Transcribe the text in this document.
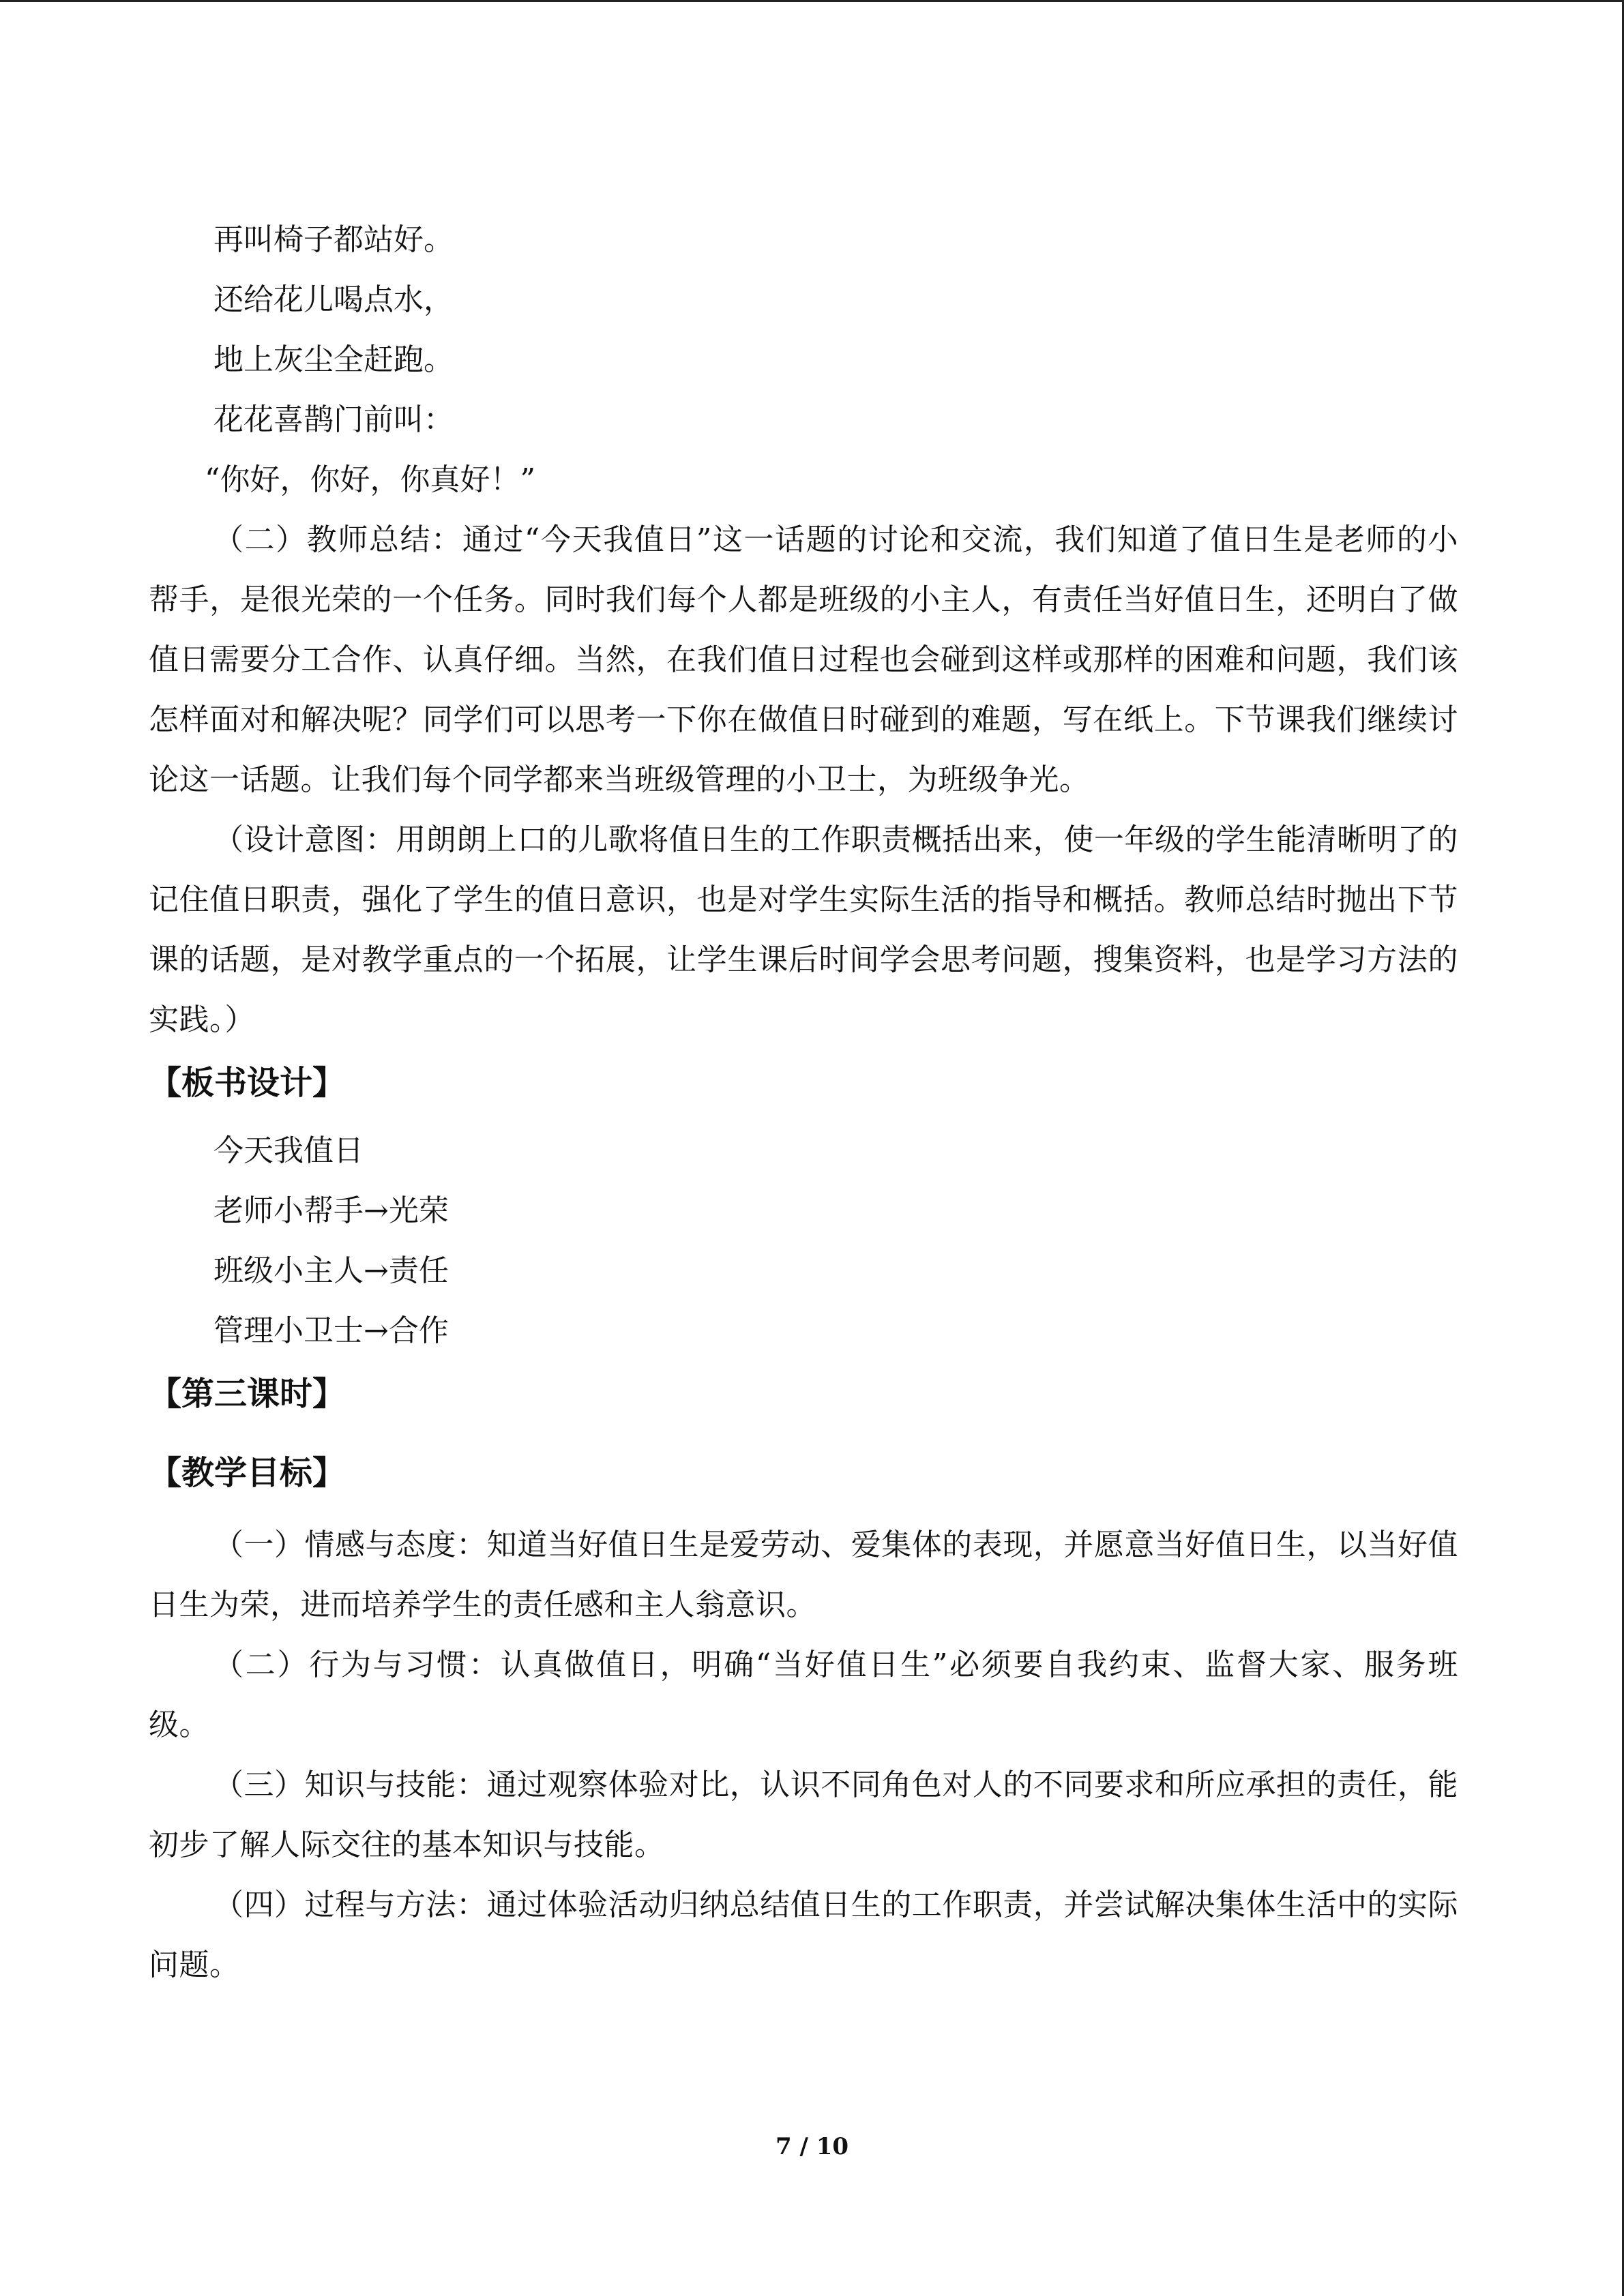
再叫椅子都站好。

还给花儿喝点水，

地上灰尘全赶跑。

花花喜鹊门前叫：

“你好，你好，你真好！”

（二）教师总结：通过“今天我值日”这一话题的讨论和交流，我们知道了值日生是老师的小帮手，是很光荣的一个任务。同时我们每个人都是班级的小主人，有责任当好值日生，还明白了做值日需要分工合作、认真仔细。当然，在我们值日过程也会碰到这样或那样的困难和问题，我们该怎样面对和解决呢？同学们可以思考一下你在做值日时碰到的难题，写在纸上。下节课我们继续讨论这一话题。让我们每个同学都来当班级管理的小卫士，为班级争光。

（设计意图：用朗朗上口的儿歌将值日生的工作职责概括出来，使一年级的学生能清晰明了的记住值日职责，强化了学生的值日意识，也是对学生实际生活的指导和概括。教师总结时抛出下节课的话题，是对教学重点的一个拓展，让学生课后时间学会思考问题，搜集资料，也是学习方法的实践。）

【板书设计】

今天我值日

老师小帮手→光荣

班级小主人→责任

管理小卫士→合作

【第三课时】
【教学目标】

（一）情感与态度：知道当好值日生是爱劳动、爱集体的表现，并愿意当好值日生，以当好值日生为荣，进而培养学生的责任感和主人翁意识。

（二）行为与习惯：认真做值日，明确“当好值日生”必须要自我约束、监督大家、服务班级。

（三）知识与技能：通过观察体验对比，认识不同角色对人的不同要求和所应承担的责任，能初步了解人际交往的基本知识与技能。

（四）过程与方法：通过体验活动归纳总结值日生的工作职责，并尝试解决集体生活中的实际问题。

7 / 10
